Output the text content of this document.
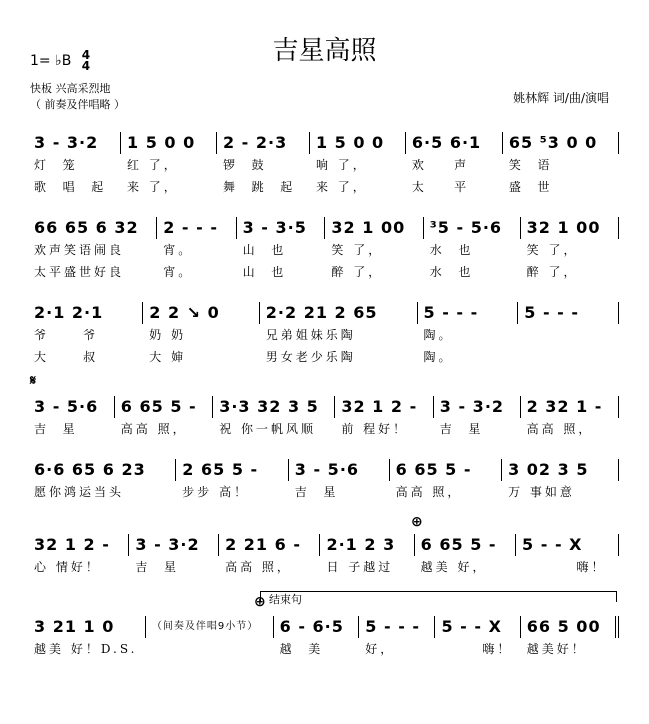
吉星高照
1= ♭B 4
4
快板 兴高采烈地
（ 前奏及伴唱略 ）	姚林辉 词/曲/演唱
𝄋
⊕
⊕ 结束句
3 - 3·2
灯  笼
歌  唱  起
1 5 0 0
红 了，
来 了，
2 - 2·3
锣  鼓
舞  跳  起
1 5 0 0
响 了，
来 了，
6·5 6·1
欢    声
太    平
65 ⁵3 0 0
笑  语
盛  世
66 65 6 32
欢声笑语闹良
太平盛世好良
2 - - -
宵。
宵。
3 - 3·5
山  也
山  也
32 1 00
笑 了，
醉 了，
³5 - 5·6
水  也
水  也
32 1 00
笑 了，
醉 了，
2·1 2·1
爷     爷
大     叔
2 2 ↘ 0
奶 奶
大 婶
2·2 21 2 65
兄弟姐妹乐陶
男女老少乐陶
5 - - -
陶。
陶。
5 - - -
3 - 5·6
吉  星
6 65 5 -
高高 照，
3·3 32 3 5
祝 你一帆风顺
32 1 2 -
前 程好！
3 - 3·2
吉  星
2 32 1 -
高高 照，
6·6 65 6 23
愿你鸿运当头
2 65 5 -
步步 高！
3 - 5·6
吉  星
6 65 5 -
高高 照，
3 02 3 5
万 事如意
32 1 2 -
心 情好！
3 - 3·2
吉  星
2 21 6 -
高高 照，
2·1 2 3
日 子越过
6 65 5 -
越美 好，
5 - - X
嗨！
3 21 1 0
越美 好！D.S.
（间奏及伴唱9小节）	6 - 6·5
越  美
5 - - -
好，
5 - - X
嗨！
66 5 00
越美好！
